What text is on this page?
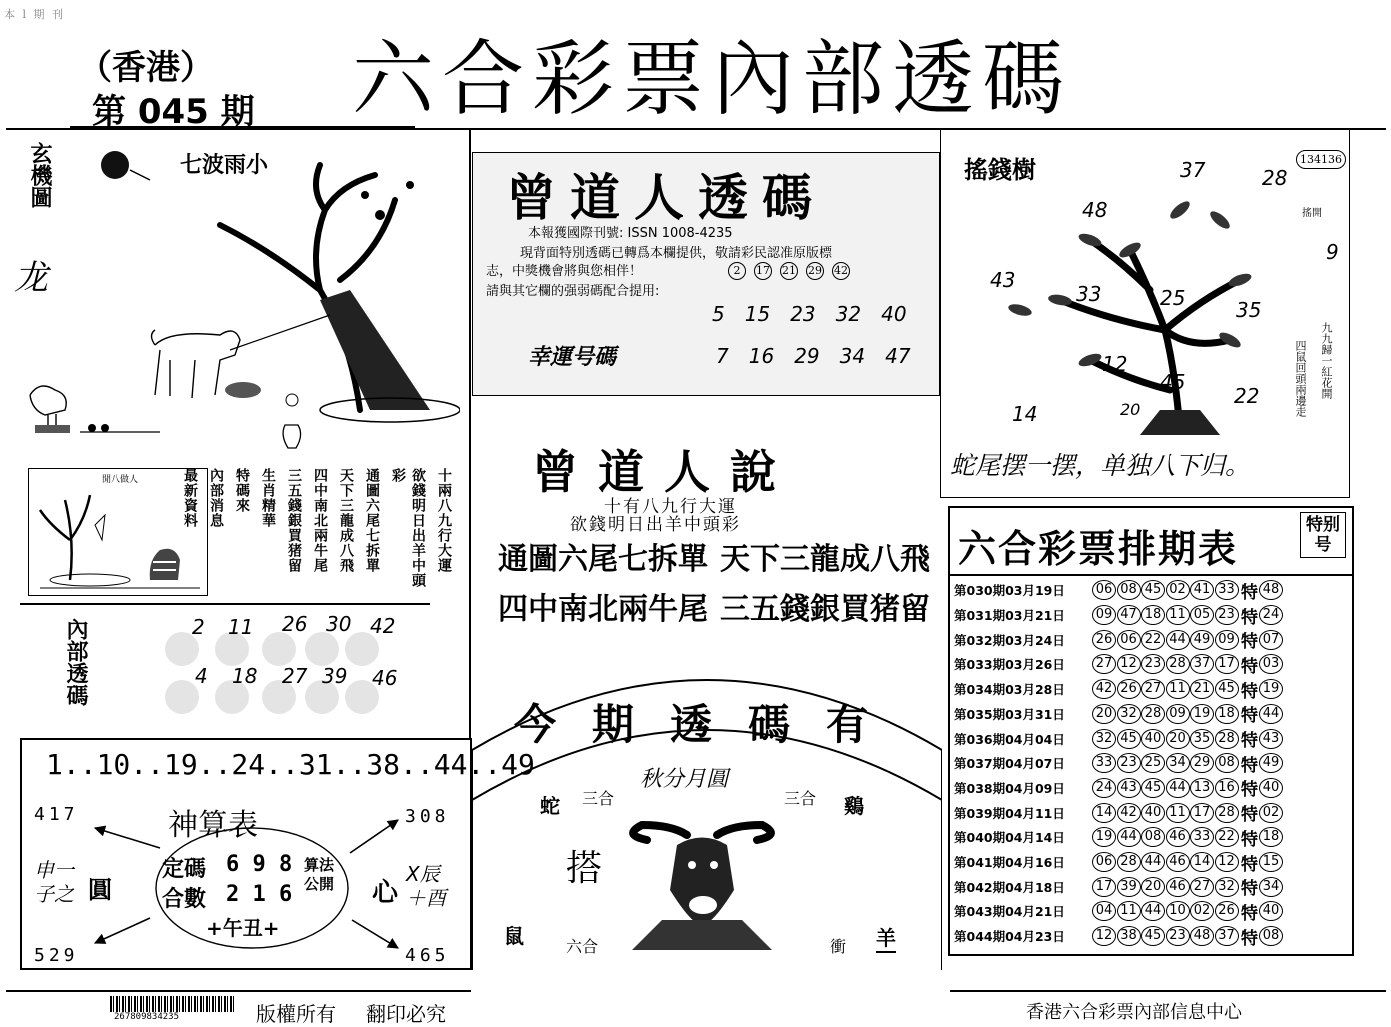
本 l 期 刊
（香港）
第 045 期 六合彩票內部透碼
玄機圖
龙
七波雨小
閒八做人	十兩八九行大運
欲錢明日出羊中頭彩
通圖六尾七拆單
天下三龍成八飛
四中南北兩牛尾
三五錢銀買猪留
生肖精華
特碼來
內部消息
最新資料
內部透碼	2 11 26 30 42
4 18 27 39 46
1..10..19..24..31..38..44..49
神算表
417	308
529	465
申一 子之 圓	心
X辰 ＋酉
定碼 6 9 8
合數 2 1 6
算法公開
+午丑+
曾道人透碼
本報獲國際刊號: ISSN 1008-4235
現背面特別透碼已轉爲本欄提供，敬請彩民認准原版標
志，中獎機會將與您相伴！
請與其它欄的强弱碼配合提用:
幸運号碼
2	17 21 29 42
5 15 23 32 40
7 16 29 34 47
曾道人說
十有八九行大運
欲錢明日出羊中頭彩
通圖六尾七拆單 天下三龍成八飛
四中南北兩牛尾 三五錢銀買猪留
今期透碼有
秋分月圓
蛇 三合	三合 鷄
搭
鼠	六合	衝 羊
搖錢樹	134136
搖開
37	28
48
9
43
33	25	35
12
45
22
14	20
九九歸一紅花開
四鼠回頭兩邊走
蛇尾摆一摆，单独八下归。
六合彩票排期表
特别号
第030期03月19日	06 08 45 02 41 33 特 48
第031期03月21日	09 47 18 11 05 23 特 24
第032期03月24日	26 06 22 44 49 09 特 07
第033期03月26日	27 12 23 28 37 17 特 03
第034期03月28日	42 26 27 11 21 45 特 19
第035期03月31日	20 32 28 09 19 18 特 44
第036期04月04日	32 45 40 20 35 28 特 43
第037期04月07日	33 23 25 34 29 08 特 49
第038期04月09日	24 43 45 44 13 16 特 40
第039期04月11日	14 42 40 11 17 28 特 02
第040期04月14日	19 44 08 46 33 22 特 18
第041期04月16日	06 28 44 46 14 12 特 15
第042期04月18日	17 39 20 46 27 32 特 34
第043期04月21日	04 11 44 10 02 26 特 40
第044期04月23日	12 38 45 23 48 37 特 08
267809834235	版權所有 翻印必究	香港六合彩票內部信息中心
